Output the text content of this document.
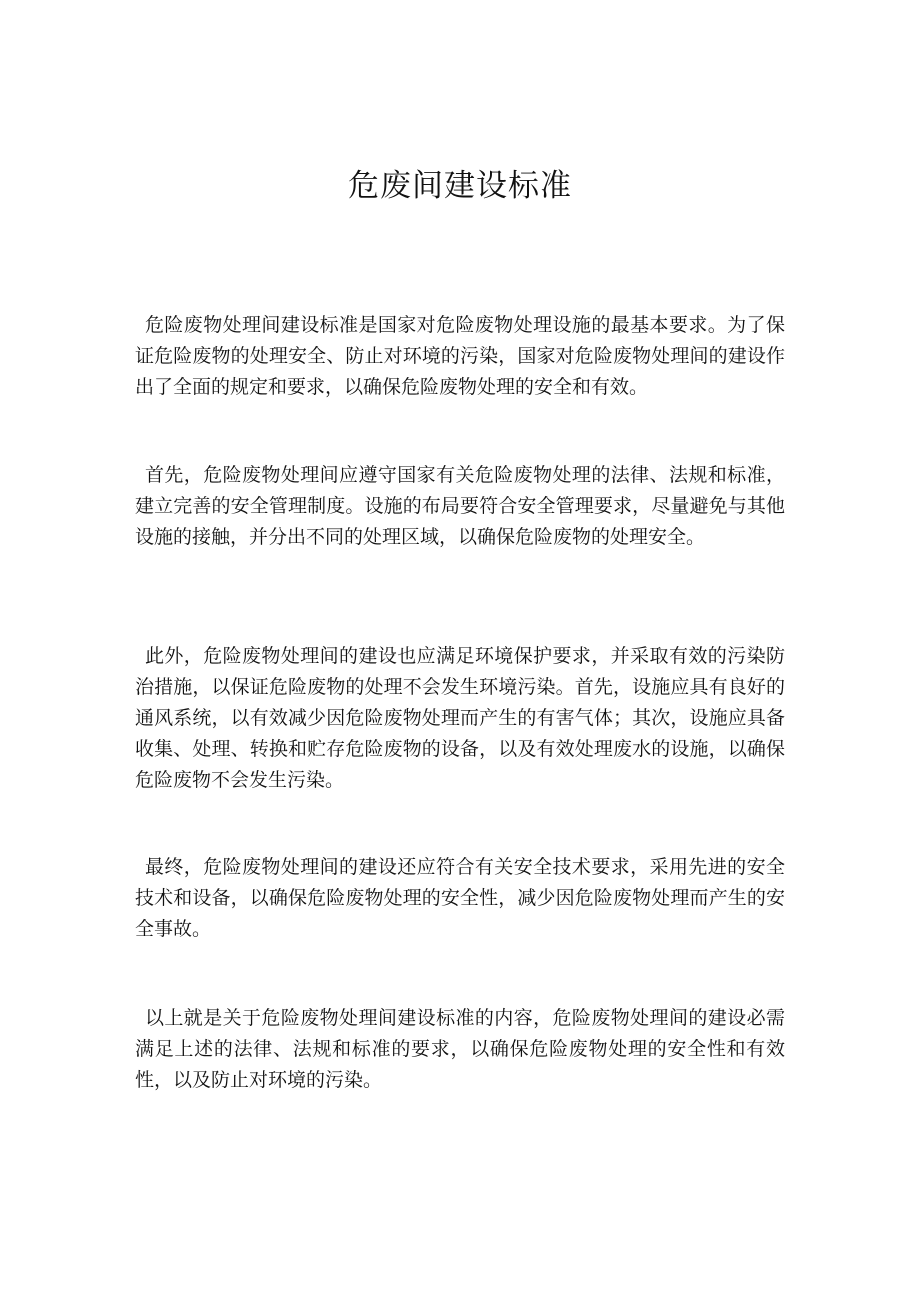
危废间建设标准

危险废物处理间建设标准是国家对危险废物处理设施的最基本要求。为了保证危险废物的处理安全、防止对环境的污染，国家对危险废物处理间的建设作出了全面的规定和要求，以确保危险废物处理的安全和有效。

首先，危险废物处理间应遵守国家有关危险废物处理的法律、法规和标准，建立完善的安全管理制度。设施的布局要符合安全管理要求，尽量避免与其他设施的接触，并分出不同的处理区域，以确保危险废物的处理安全。

此外，危险废物处理间的建设也应满足环境保护要求，并采取有效的污染防治措施，以保证危险废物的处理不会发生环境污染。首先，设施应具有良好的通风系统，以有效减少因危险废物处理而产生的有害气体；其次，设施应具备收集、处理、转换和贮存危险废物的设备，以及有效处理废水的设施，以确保危险废物不会发生污染。

最终，危险废物处理间的建设还应符合有关安全技术要求，采用先进的安全技术和设备，以确保危险废物处理的安全性，减少因危险废物处理而产生的安全事故。

以上就是关于危险废物处理间建设标准的内容，危险废物处理间的建设必需满足上述的法律、法规和标准的要求，以确保危险废物处理的安全性和有效性，以及防止对环境的污染。
